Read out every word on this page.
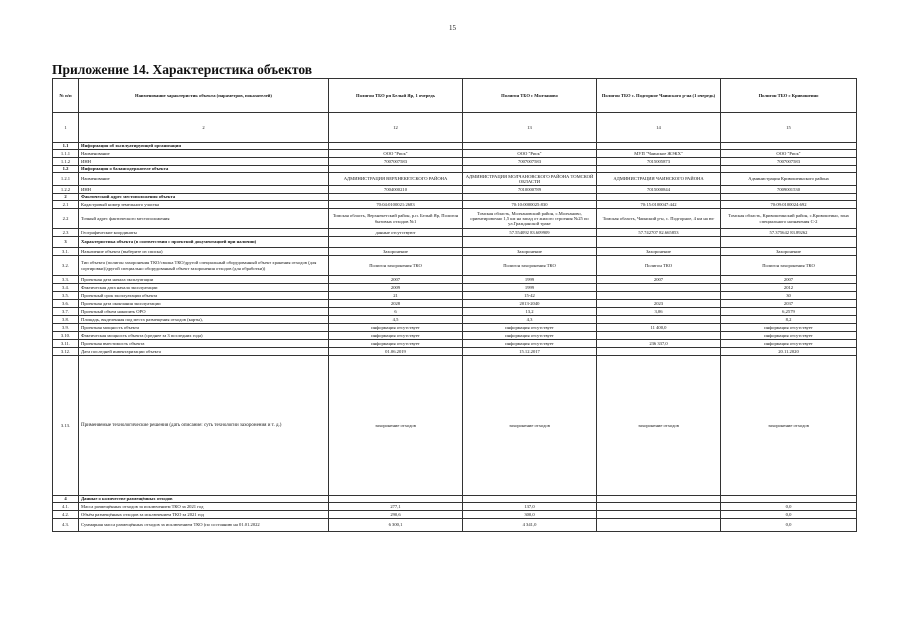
15
Приложение 14. Характеристика объектов
№ п/п	Наименование характеристик объекта (параметров, показателей)	Полигон ТБО рп Белый Яр, 1 очередь	Полигон ТБО с Молчаново	Полигон ТБО с. Подгорное Чаинского р-на (1 очередь)	Полигон ТБО с Кривошеино
1	2	12	13	14	15
1.1	Информация об эксплуатирующей организации				
1.1.1	Наименование	ООО "Риск"	ООО "Риск"	МУП "Чаинское ЖЭКХ"	ООО "Риск"
1.1.2	ИНН	7007007583	7007007583	7015005873	7007007583
1.2	Информация о балансодержателе объекта				
1.2.1	Наименование	АДМИНИСТРАЦИЯ ВЕРХНЕКЕТСКОГО РАЙОНА	АДМИНИСТРАЦИЯ МОЛЧАНОВСКОГО РАЙОНА ТОМСКОЙ ОБЛАСТИ	АДМИНИСТРАЦИЯ ЧАИНСКОГО РАЙОНА	Администрация Кривошеинского района
1.2.2	ИНН	7004000210	7010000789	7015000844	7009001530
2	Фактический адрес местоположения объекта				
2.1	Кадастровый номер земельного участка	70:04:0100021:2683	70:10:0000025:830	70:15:0100047:442	70:09:0100024:692
2.2	Точный адрес фактического местоположения	Томская область, Верхнекетский район, р.п. Белый Яр, Полигон бытовых отходов №1	Томская область, Молчановский район, с.Молчаново, ориентировочно 1,5 км на запад от жилого строения №25 по ул.Гражданской тракт	Томская область, Чаинский р-н, с. Подгорное, 4 км на юг	Томская область, Кривошеинский район, с.Кривошеино, зона специального назначения С-2
2.3	Географические координаты	данные отсутствуют	57.554092 83.609909	57.742707 82.665853	57.375642 83.89262
3	Характеристика объекта (в соответствии с проектной документацией при наличии)				
3.1.	Назначение объекта (выберите из списка)	Захоронение	Захоронение	Захоронение	Захоронение
3.2.	Тип объекта (полигон захоронения ТКО/свалка ТКО/другой специальный оборудованный объект хранения отходов (для сортировки)/другой специально оборудованный объект захоронения отходов (для обработки))	Полигон захоронения ТКО	Полигон захоронения ТКО	Полигон ТКО	Полигон захоронения ТКО
3.3.	Проектная дата начала эксплуатации	2007	1999	2007	2007
3.4.	Фактическая дата начала эксплуатации	2009	1999		2012
3.5.	Проектный срок эксплуатации объекта	21	15-42		30
3.6.	Проектная дата окончания эксплуатации	2028	2013-2040	2023	2037
3.7.	Проектный объем накопить ОРО	6	13,2	3,06	6,2579
3.8.	Площадь, выделенная под места размещения отходов (карты),	4,5	4,3		8,2
3.9.	Проектная мощность объекта	информация отсутствует	информация отсутствует	11 400,0	информация отсутствует
3.10.	Фактическая мощность объекта (среднее за 3 последних года)	информация отсутствует	информация отсутствует		информация отсутствует
3.11.	Проектная вместимость объекта	информация отсутствует	информация отсутствует	236 337,0	информация отсутствует
3.12.	Дата последней инвентаризации объекта	01.06.2019	15.12.2017		20.11.2020
3.13.	Применяемые технологические решения (дать описание: суть технологии захоронения и т. д.)	захоронение отходов	захоронение отходов	захоронение отходов	захоронение отходов
4	Данные о количестве размещённых отходов				
4.1.	Масса размещённых отходов за исключением ТКО за 2021 год	277,1	137,0		0,0
4.2.	Объём размещённых отходов за исключением ТКО за 2021 год	290,6	300,0		0,0
4.3.	Суммарная масса размещённых отходов за исключением ТКО (по состоянию на 01.01.2022	6 300,1	4 341,0		0,0
